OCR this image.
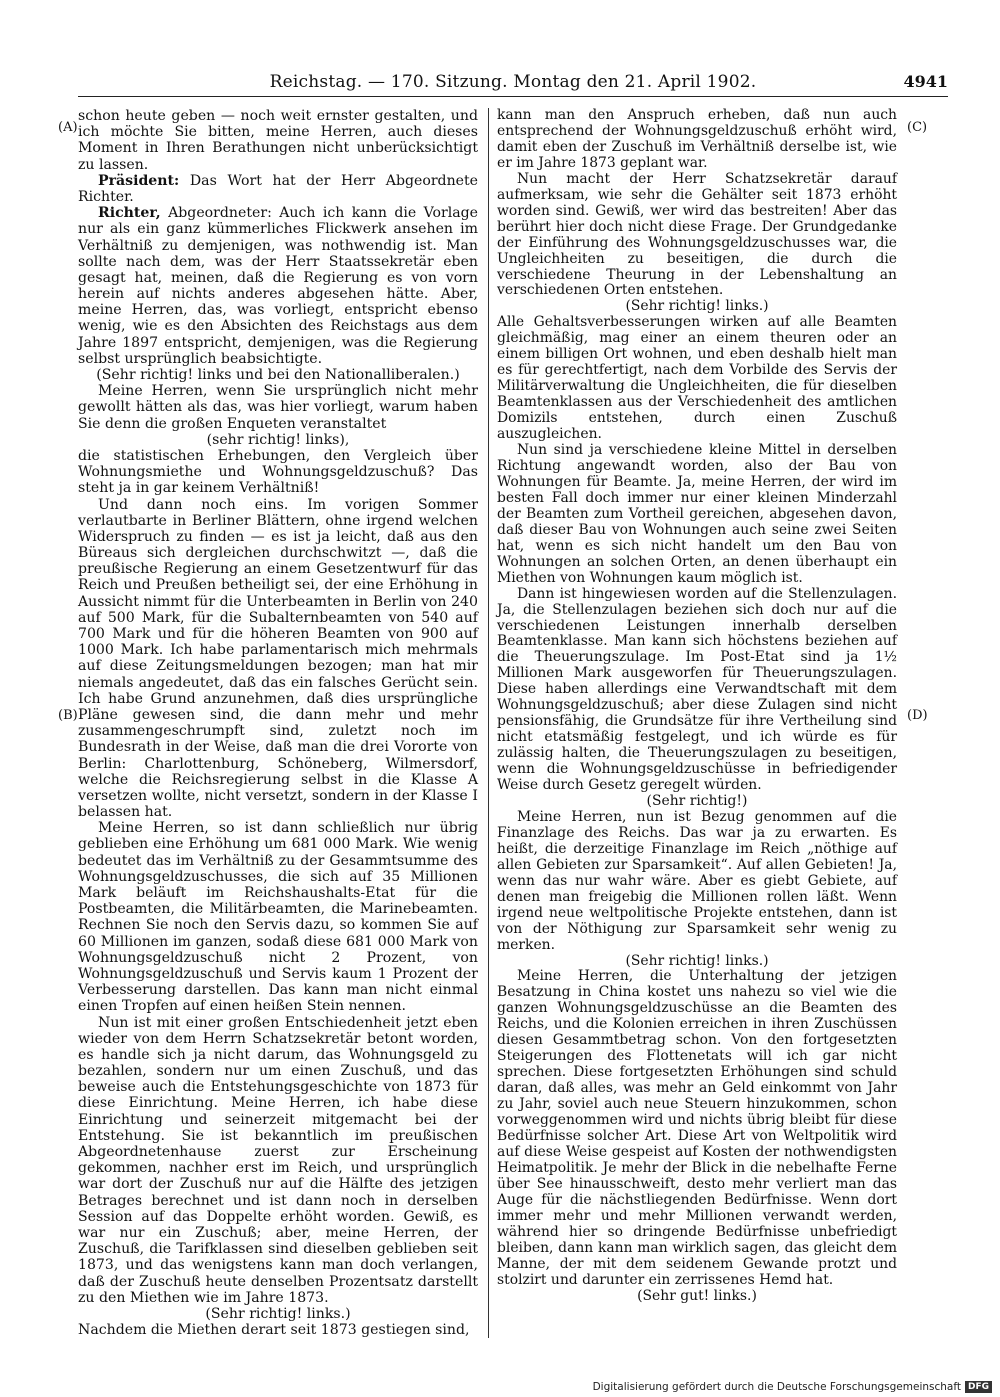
Reichstag. — 170. Sitzung. Montag den 21. April 1902.	4941
(A)
(B)
(C)
(D)

schon heute geben — noch weit ernster gestalten, und ich möchte Sie bitten, meine Herren, auch dieses Moment in Ihren Berathungen nicht unberücksichtigt zu lassen.

Präsident: Das Wort hat der Herr Abgeordnete Richter.

Richter, Abgeordneter: Auch ich kann die Vorlage nur als ein ganz kümmerliches Flickwerk ansehen im Verhältniß zu demjenigen, was nothwendig ist. Man sollte nach dem, was der Herr Staatssekretär eben gesagt hat, meinen, daß die Regierung es von vorn herein auf nichts anderes abgesehen hätte. Aber, meine Herren, das, was vorliegt, entspricht ebenso wenig, wie es den Absichten des Reichstags aus dem Jahre 1897 entspricht, demjenigen, was die Regierung selbst ursprünglich beabsichtigte.

(Sehr richtig! links und bei den Nationalliberalen.)

Meine Herren, wenn Sie ursprünglich nicht mehr gewollt hätten als das, was hier vorliegt, warum haben Sie denn die großen Enqueten veranstaltet

(sehr richtig! links),

die statistischen Erhebungen, den Vergleich über Wohnungsmiethe und Wohnungsgeldzuschuß? Das steht ja in gar keinem Verhältniß!

Und dann noch eins. Im vorigen Sommer verlautbarte in Berliner Blättern, ohne irgend welchen Widerspruch zu finden — es ist ja leicht, daß aus den Büreaus sich dergleichen durchschwitzt —, daß die preußische Regierung an einem Gesetzentwurf für das Reich und Preußen betheiligt sei, der eine Erhöhung in Aussicht nimmt für die Unterbeamten in Berlin von 240 auf 500 Mark, für die Subalternbeamten von 540 auf 700 Mark und für die höheren Beamten von 900 auf 1000 Mark. Ich habe parlamentarisch mich mehrmals auf diese Zeitungsmeldungen bezogen; man hat mir niemals angedeutet, daß das ein falsches Gerücht sein. Ich habe Grund anzunehmen, daß dies ursprüngliche Pläne gewesen sind, die dann mehr und mehr zusammengeschrumpft sind, zuletzt noch im Bundesrath in der Weise, daß man die drei Vororte von Berlin: Charlottenburg, Schöneberg, Wilmersdorf, welche die Reichsregierung selbst in die Klasse A versetzen wollte, nicht versetzt, sondern in der Klasse I belassen hat.

Meine Herren, so ist dann schließlich nur übrig geblieben eine Erhöhung um 681 000 Mark. Wie wenig bedeutet das im Verhältniß zu der Gesammtsumme des Wohnungsgeldzuschusses, die sich auf 35 Millionen Mark beläuft im Reichshaushalts-Etat für die Postbeamten, die Militärbeamten, die Marinebeamten. Rechnen Sie noch den Servis dazu, so kommen Sie auf 60 Millionen im ganzen, sodaß diese 681 000 Mark von Wohnungsgeldzuschuß nicht 2 Prozent, von Wohnungsgeldzuschuß und Servis kaum 1 Prozent der Verbesserung darstellen. Das kann man nicht einmal einen Tropfen auf einen heißen Stein nennen.

Nun ist mit einer großen Entschiedenheit jetzt eben wieder von dem Herrn Schatzsekretär betont worden, es handle sich ja nicht darum, das Wohnungsgeld zu bezahlen, sondern nur um einen Zuschuß, und das beweise auch die Entstehungsgeschichte von 1873 für diese Einrichtung. Meine Herren, ich habe diese Einrichtung und seinerzeit mitgemacht bei der Entstehung. Sie ist bekanntlich im preußischen Abgeordnetenhause zuerst zur Erscheinung gekommen, nachher erst im Reich, und ursprünglich war dort der Zuschuß nur auf die Hälfte des jetzigen Betrages berechnet und ist dann noch in derselben Session auf das Doppelte erhöht worden. Gewiß, es war nur ein Zuschuß; aber, meine Herren, der Zuschuß, die Tarifklassen sind dieselben geblieben seit 1873, und das wenigstens kann man doch verlangen, daß der Zuschuß heute denselben Prozentsatz darstellt zu den Miethen wie im Jahre 1873.

(Sehr richtig! links.)

Nachdem die Miethen derart seit 1873 gestiegen sind,

kann man den Anspruch erheben, daß nun auch entsprechend der Wohnungsgeldzuschuß erhöht wird, damit eben der Zuschuß im Verhältniß derselbe ist, wie er im Jahre 1873 geplant war.

Nun macht der Herr Schatzsekretär darauf aufmerksam, wie sehr die Gehälter seit 1873 erhöht worden sind. Gewiß, wer wird das bestreiten! Aber das berührt hier doch nicht diese Frage. Der Grundgedanke der Einführung des Wohnungsgeldzuschusses war, die Ungleichheiten zu beseitigen, die durch die verschiedene Theurung in der Lebenshaltung an verschiedenen Orten entstehen.

(Sehr richtig! links.)

Alle Gehaltsverbesserungen wirken auf alle Beamten gleichmäßig, mag einer an einem theuren oder an einem billigen Ort wohnen, und eben deshalb hielt man es für gerechtfertigt, nach dem Vorbilde des Servis der Militärverwaltung die Ungleichheiten, die für dieselben Beamtenklassen aus der Verschiedenheit des amtlichen Domizils entstehen, durch einen Zuschuß auszugleichen.

Nun sind ja verschiedene kleine Mittel in derselben Richtung angewandt worden, also der Bau von Wohnungen für Beamte. Ja, meine Herren, der wird im besten Fall doch immer nur einer kleinen Minderzahl der Beamten zum Vortheil gereichen, abgesehen davon, daß dieser Bau von Wohnungen auch seine zwei Seiten hat, wenn es sich nicht handelt um den Bau von Wohnungen an solchen Orten, an denen überhaupt ein Miethen von Wohnungen kaum möglich ist.

Dann ist hingewiesen worden auf die Stellenzulagen. Ja, die Stellenzulagen beziehen sich doch nur auf die verschiedenen Leistungen innerhalb derselben Beamtenklasse. Man kann sich höchstens beziehen auf die Theuerungszulage. Im Post-Etat sind ja 1½ Millionen Mark ausgeworfen für Theuerungszulagen. Diese haben allerdings eine Verwandtschaft mit dem Wohnungsgeldzuschuß; aber diese Zulagen sind nicht pensionsfähig, die Grundsätze für ihre Vertheilung sind nicht etatsmäßig festgelegt, und ich würde es für zulässig halten, die Theuerungszulagen zu beseitigen, wenn die Wohnungsgeldzuschüsse in befriedigender Weise durch Gesetz geregelt würden.

(Sehr richtig!)

Meine Herren, nun ist Bezug genommen auf die Finanzlage des Reichs. Das war ja zu erwarten. Es heißt, die derzeitige Finanzlage im Reich „nöthige auf allen Gebieten zur Sparsamkeit“. Auf allen Gebieten! Ja, wenn das nur wahr wäre. Aber es giebt Gebiete, auf denen man freigebig die Millionen rollen läßt. Wenn irgend neue weltpolitische Projekte entstehen, dann ist von der Nöthigung zur Sparsamkeit sehr wenig zu merken.

(Sehr richtig! links.)

Meine Herren, die Unterhaltung der jetzigen Besatzung in China kostet uns nahezu so viel wie die ganzen Wohnungsgeldzuschüsse an die Beamten des Reichs, und die Kolonien erreichen in ihren Zuschüssen diesen Gesammtbetrag schon. Von den fortgesetzten Steigerungen des Flottenetats will ich gar nicht sprechen. Diese fortgesetzten Erhöhungen sind schuld daran, daß alles, was mehr an Geld einkommt von Jahr zu Jahr, soviel auch neue Steuern hinzukommen, schon vorweggenommen wird und nichts übrig bleibt für diese Bedürfnisse solcher Art. Diese Art von Weltpolitik wird auf diese Weise gespeist auf Kosten der nothwendigsten Heimatpolitik. Je mehr der Blick in die nebelhafte Ferne über See hinausschweift, desto mehr verliert man das Auge für die nächstliegenden Bedürfnisse. Wenn dort immer mehr und mehr Millionen verwandt werden, während hier so dringende Bedürfnisse unbefriedigt bleiben, dann kann man wirklich sagen, das gleicht dem Manne, der mit dem seidenem Gewande protzt und stolzirt und darunter ein zerrissenes Hemd hat.

(Sehr gut! links.)

Digitalisierung gefördert durch die Deutsche Forschungsgemeinschaft DFG
